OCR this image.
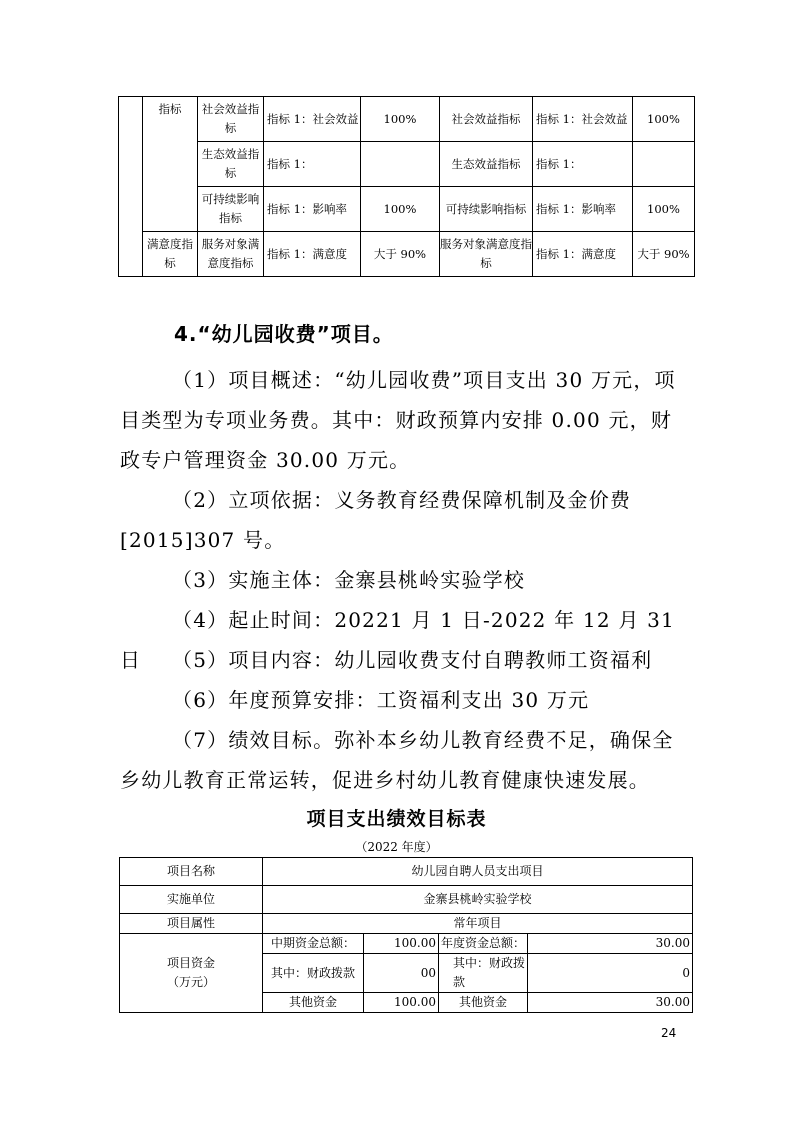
	指标	社会效益指标	指标 1：社会效益	100%	社会效益指标	指标 1：社会效益	100%
		生态效益指标	指标 1：		生态效益指标	指标 1：	
		可持续影响指标	指标 1：影响率	100%	可持续影响指标	指标 1：影响率	100%
	满意度指标	服务对象满意度指标	指标 1：满意度	大于 90%	服务对象满意度指标	指标 1：满意度	大于 90%
4.“幼儿园收费”项目。
（1）项目概述：“幼儿园收费”项目支出 30 万元，项目类型为专项业务费。其中：财政预算内安排 0.00 元，财政专户管理资金 30.00 万元。
（2）立项依据：义务教育经费保障机制及金价费[2015]307 号。
（3）实施主体：金寨县桃岭实验学校
（4）起止时间：20221 月 1 日-2022 年 12 月 31 日	（5）项目内容：幼儿园收费支付自聘教师工资福利
（6）年度预算安排：工资福利支出 30 万元
（7）绩效目标。弥补本乡幼儿教育经费不足，确保全乡幼儿教育正常运转，促进乡村幼儿教育健康快速发展。
项目支出绩效目标表
（2022 年度）
项目名称	幼儿园自聘人员支出项目			
实施单位	金寨县桃岭实验学校			
项目属性	常年项目			
项目资金（万元）	中期资金总额：	100.00	年度资金总额：	30.00
	其中：财政拨款	00	其中：财政拨款	0
	其他资金	100.00	其他资金	30.00
24
